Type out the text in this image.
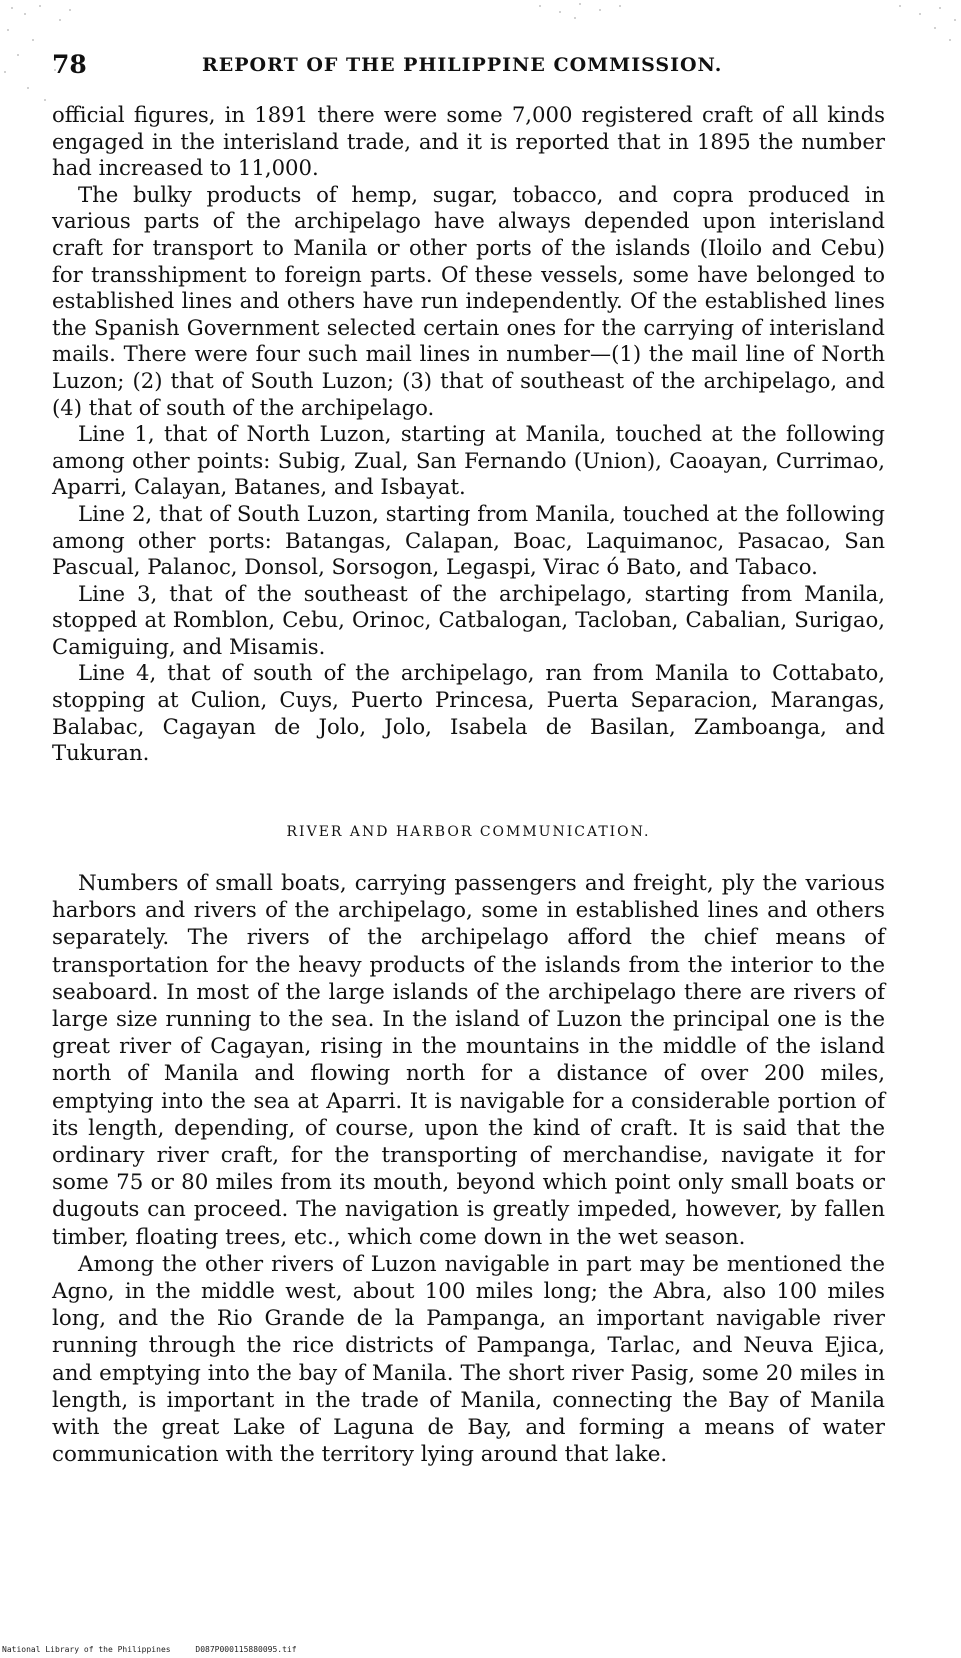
78	REPORT OF THE PHILIPPINE COMMISSION.

official figures, in 1891 there were some 7,000 registered craft of all kinds engaged in the interisland trade, and it is reported that in 1895 the number had increased to 11,000.

The bulky products of hemp, sugar, tobacco, and copra produced in various parts of the archipelago have always depended upon interisland craft for transport to Manila or other ports of the islands (Iloilo and Cebu) for transshipment to foreign parts. Of these vessels, some have belonged to established lines and others have run independently. Of the established lines the Spanish Government selected certain ones for the carrying of interisland mails. There were four such mail lines in number—(1) the mail line of North Luzon; (2) that of South Luzon; (3) that of southeast of the archipelago, and (4) that of south of the archipelago.

Line 1, that of North Luzon, starting at Manila, touched at the following among other points: Subig, Zual, San Fernando (Union), Caoayan, Currimao, Aparri, Calayan, Batanes, and Isbayat.

Line 2, that of South Luzon, starting from Manila, touched at the following among other ports: Batangas, Calapan, Boac, Laquimanoc, Pasacao, San Pascual, Palanoc, Donsol, Sorsogon, Legaspi, Virac ó Bato, and Tabaco.

Line 3, that of the southeast of the archipelago, starting from Manila, stopped at Romblon, Cebu, Orinoc, Catbalogan, Tacloban, Cabalian, Surigao, Camiguing, and Misamis.

Line 4, that of south of the archipelago, ran from Manila to Cottabato, stopping at Culion, Cuys, Puerto Princesa, Puerta Separacion, Marangas, Balabac, Cagayan de Jolo, Jolo, Isabela de Basilan, Zamboanga, and Tukuran.

RIVER AND HARBOR COMMUNICATION.

Numbers of small boats, carrying passengers and freight, ply the various harbors and rivers of the archipelago, some in established lines and others separately. The rivers of the archipelago afford the chief means of transportation for the heavy products of the islands from the interior to the seaboard. In most of the large islands of the archipelago there are rivers of large size running to the sea. In the island of Luzon the principal one is the great river of Cagayan, rising in the mountains in the middle of the island north of Manila and flowing north for a distance of over 200 miles, emptying into the sea at Aparri. It is navigable for a considerable portion of its length, depending, of course, upon the kind of craft. It is said that the ordinary river craft, for the transporting of merchandise, navigate it for some 75 or 80 miles from its mouth, beyond which point only small boats or dugouts can proceed. The navigation is greatly impeded, however, by fallen timber, floating trees, etc., which come down in the wet season.

Among the other rivers of Luzon navigable in part may be mentioned the Agno, in the middle west, about 100 miles long; the Abra, also 100 miles long, and the Rio Grande de la Pampanga, an important navigable river running through the rice districts of Pampanga, Tarlac, and Neuva Ejica, and emptying into the bay of Manila. The short river Pasig, some 20 miles in length, is important in the trade of Manila, connecting the Bay of Manila with the great Lake of Laguna de Bay, and forming a means of water communication with the territory lying around that lake.

National Library of the Philippines	D087P000115880095.tif
